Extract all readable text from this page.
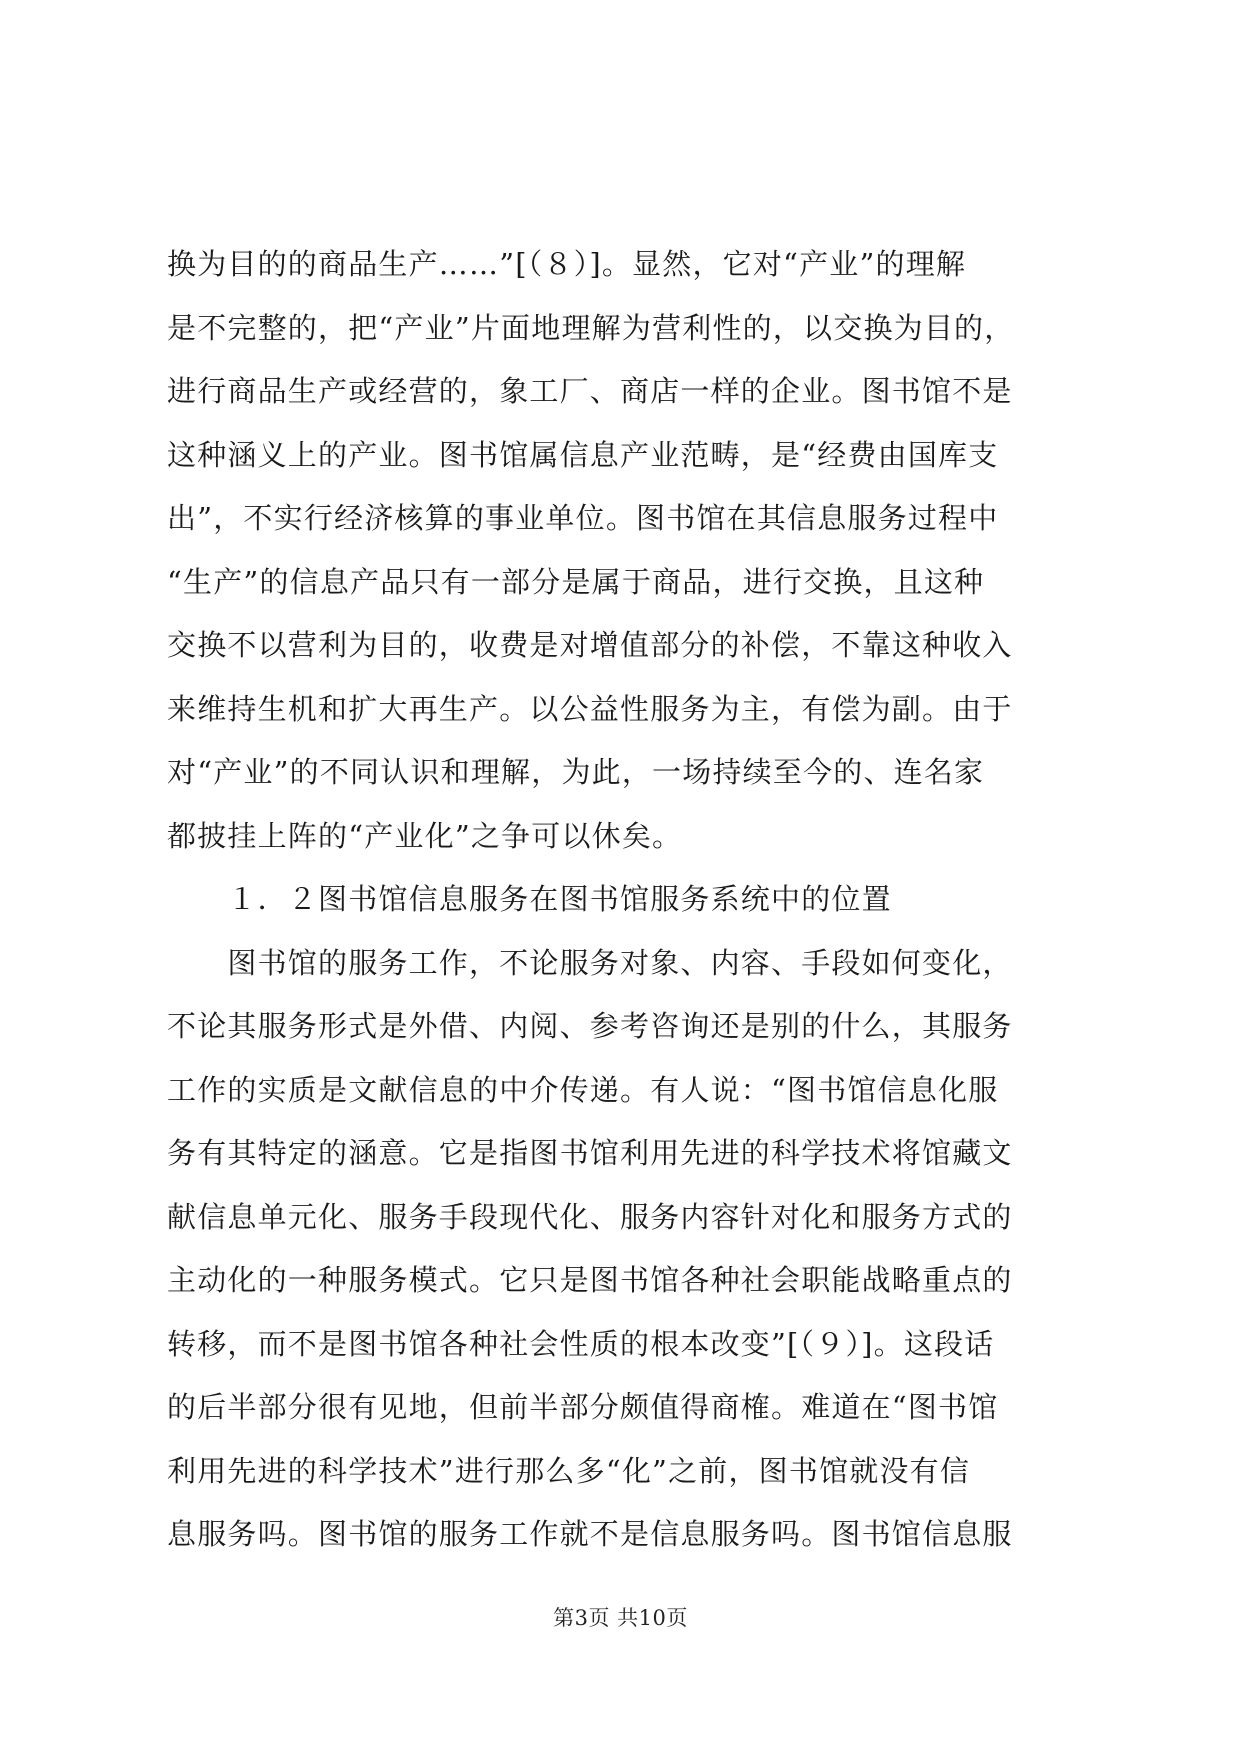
换为目的的商品生产……”[（８）]。显然，它对“产业”的理解
是不完整的，把“产业”片面地理解为营利性的，以交换为目的，
进行商品生产或经营的，象工厂、商店一样的企业。图书馆不是
这种涵义上的产业。图书馆属信息产业范畴，是“经费由国库支
出”，不实行经济核算的事业单位。图书馆在其信息服务过程中
“生产”的信息产品只有一部分是属于商品，进行交换，且这种
交换不以营利为目的，收费是对增值部分的补偿，不靠这种收入
来维持生机和扩大再生产。以公益性服务为主，有偿为副。由于
对“产业”的不同认识和理解，为此，一场持续至今的、连名家
都披挂上阵的“产业化”之争可以休矣。
　　１．２图书馆信息服务在图书馆服务系统中的位置
　　图书馆的服务工作，不论服务对象、内容、手段如何变化，
不论其服务形式是外借、内阅、参考咨询还是别的什么，其服务
工作的实质是文献信息的中介传递。有人说：“图书馆信息化服
务有其特定的涵意。它是指图书馆利用先进的科学技术将馆藏文
献信息单元化、服务手段现代化、服务内容针对化和服务方式的
主动化的一种服务模式。它只是图书馆各种社会职能战略重点的
转移，而不是图书馆各种社会性质的根本改变”[（９）]。这段话
的后半部分很有见地，但前半部分颇值得商榷。难道在“图书馆
利用先进的科学技术”进行那么多“化”之前，图书馆就没有信
息服务吗。图书馆的服务工作就不是信息服务吗。图书馆信息服
第3页 共10页
